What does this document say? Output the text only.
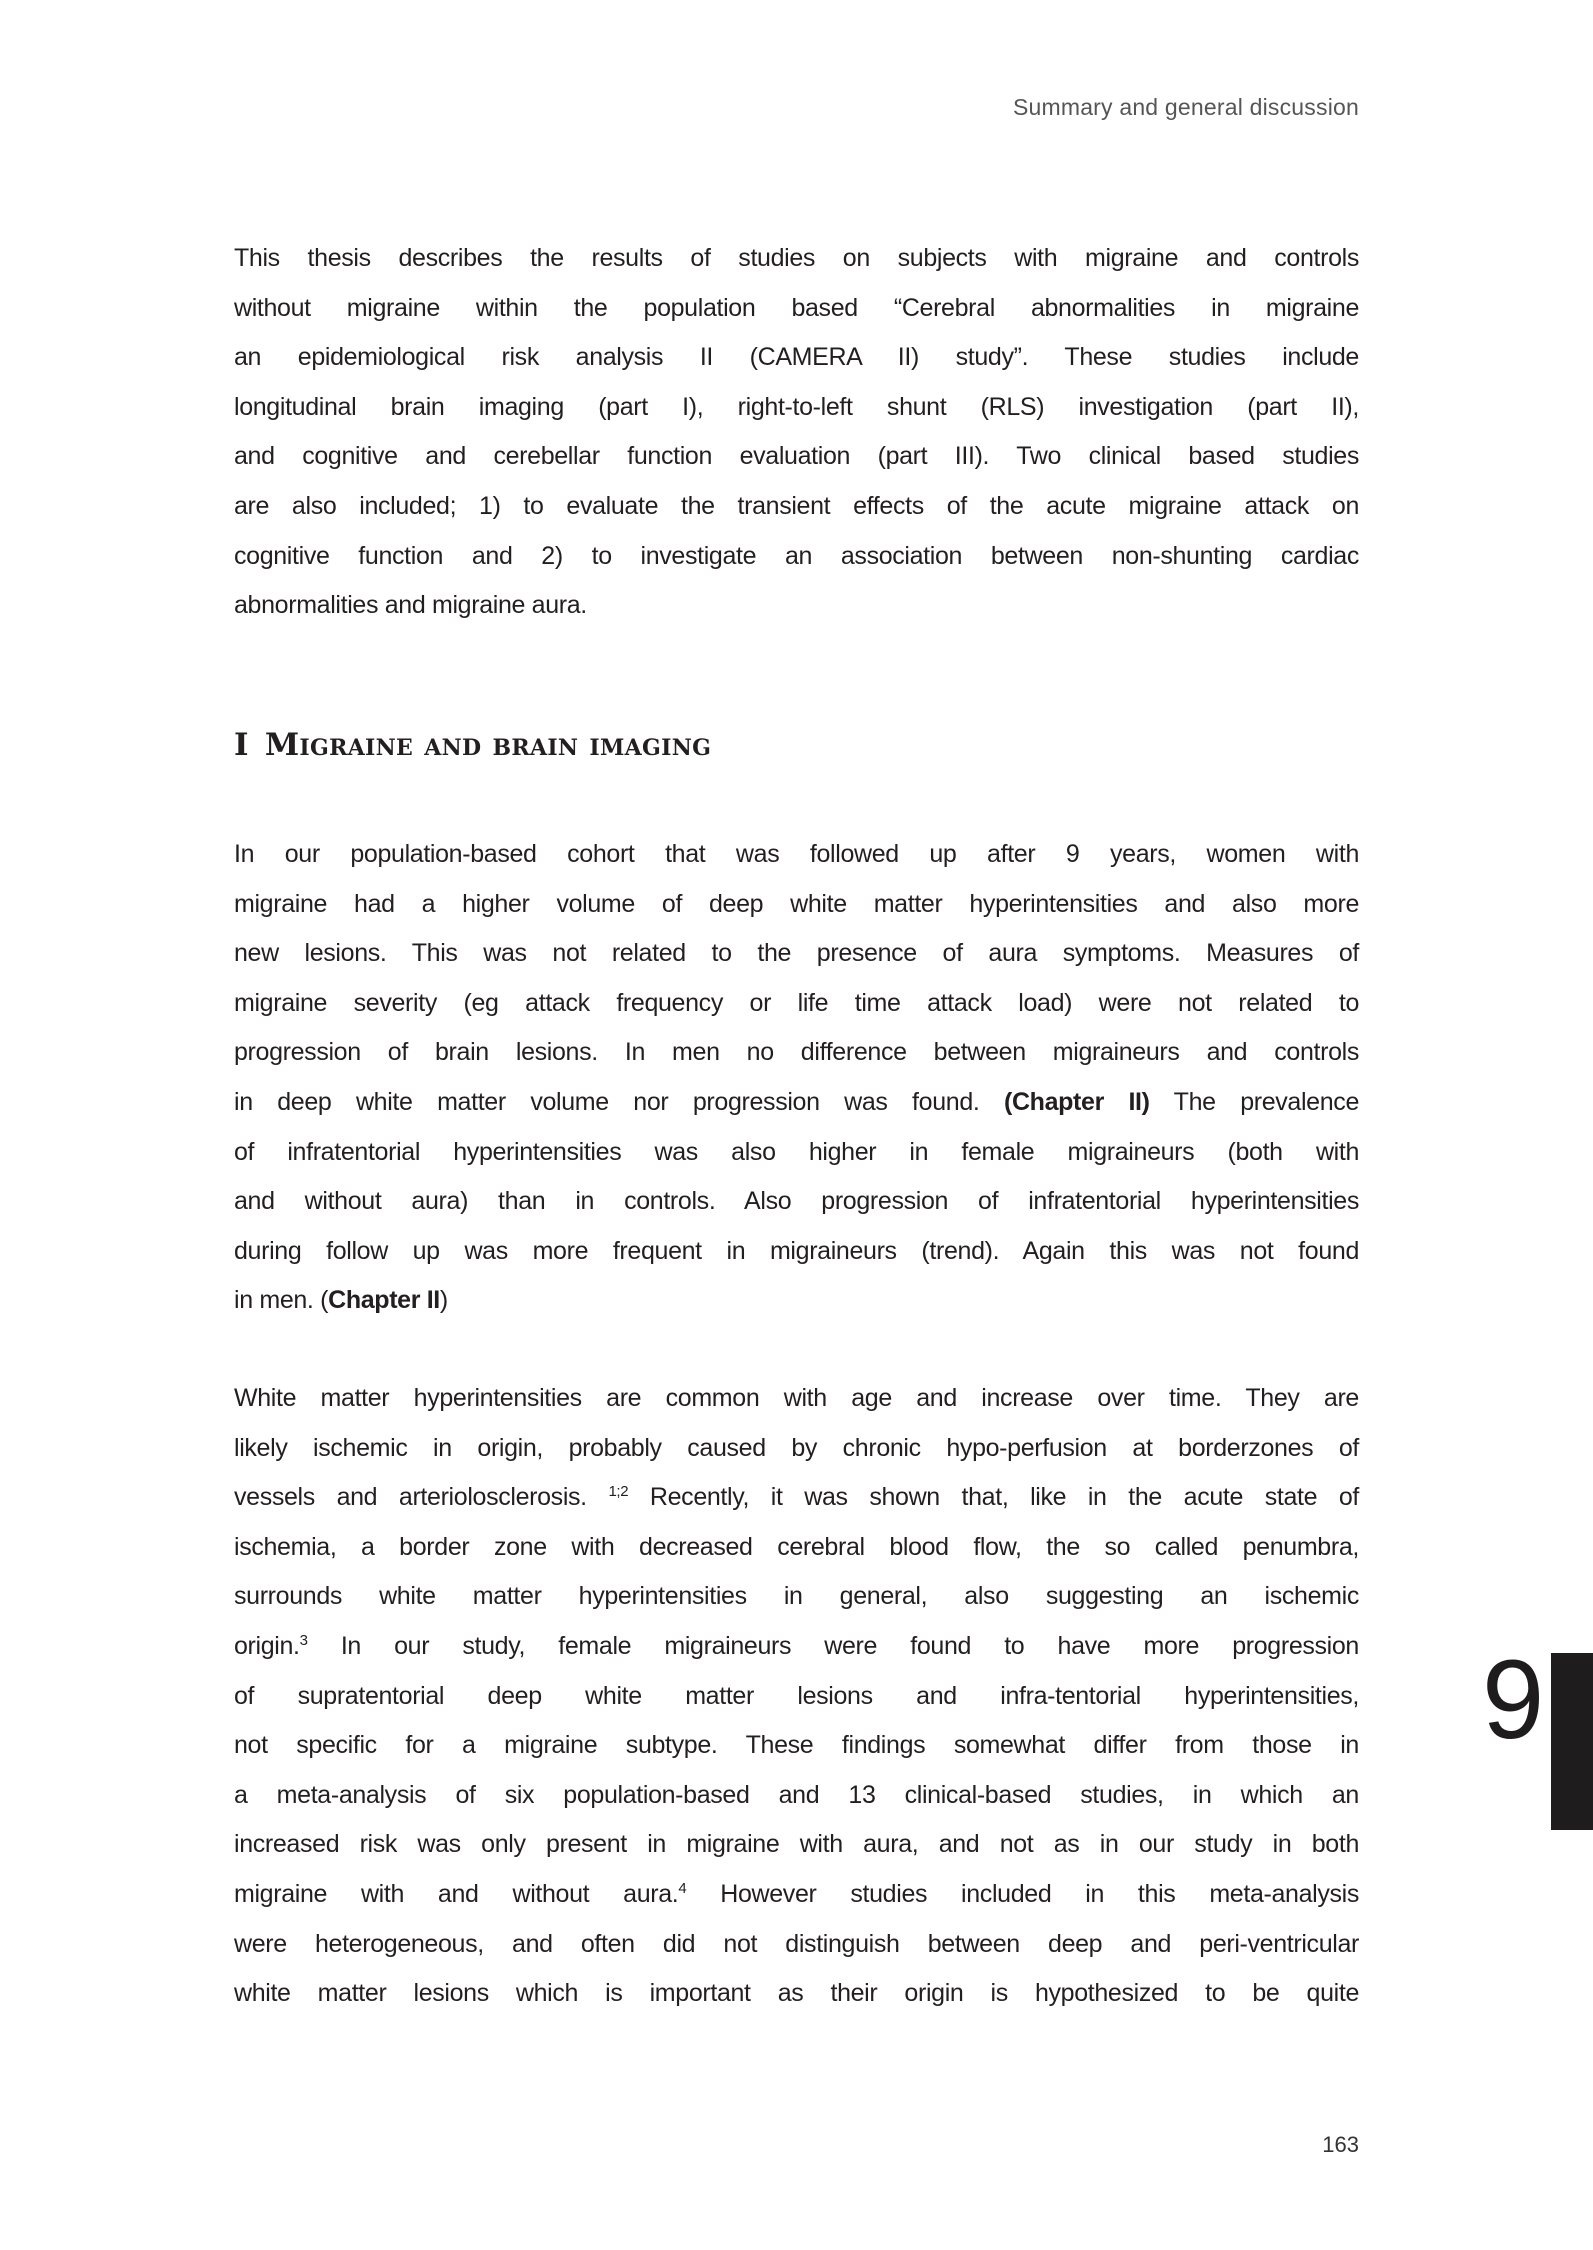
Summary and general discussion
This thesis describes the results of studies on subjects with migraine and controls
without migraine within the population based “Cerebral abnormalities in migraine
an epidemiological risk analysis II (CAMERA II) study”. These studies include
longitudinal brain imaging (part I), right-to-left shunt (RLS) investigation (part II),
and cognitive and cerebellar function evaluation (part III). Two clinical based studies
are also included; 1) to evaluate the transient effects of the acute migraine attack on
cognitive function and 2) to investigate an association between non-shunting cardiac
abnormalities and migraine aura.
I Migraine and brain imaging
In our population-based cohort that was followed up after 9 years, women with
migraine had a higher volume of deep white matter hyperintensities and also more
new lesions. This was not related to the presence of aura symptoms. Measures of
migraine severity (eg attack frequency or life time attack load) were not related to
progression of brain lesions. In men no difference between migraineurs and controls
in deep white matter volume nor progression was found. (Chapter II) The prevalence
of infratentorial hyperintensities was also higher in female migraineurs (both with
and without aura) than in controls. Also progression of infratentorial hyperintensities
during follow up was more frequent in migraineurs (trend). Again this was not found
in men. (Chapter II)
White matter hyperintensities are common with age and increase over time. They are
likely ischemic in origin, probably caused by chronic hypo-perfusion at borderzones of
vessels and arteriolosclerosis. $^{1;2}$ Recently, it was shown that, like in the acute state of
ischemia, a border zone with decreased cerebral blood flow, the so called penumbra,
surrounds white matter hyperintensities in general, also suggesting an ischemic
origin.$^3$ In our study, female migraineurs were found to have more progression
of supratentorial deep white matter lesions and infra-tentorial hyperintensities,
not specific for a migraine subtype. These findings somewhat differ from those in
a meta-analysis of six population-based and 13 clinical-based studies, in which an
increased risk was only present in migraine with aura, and not as in our study in both
migraine with and without aura.$^4$ However studies included in this meta-analysis
were heterogeneous, and often did not distinguish between deep and peri-ventricular
white matter lesions which is important as their origin is hypothesized to be quite
9
163
